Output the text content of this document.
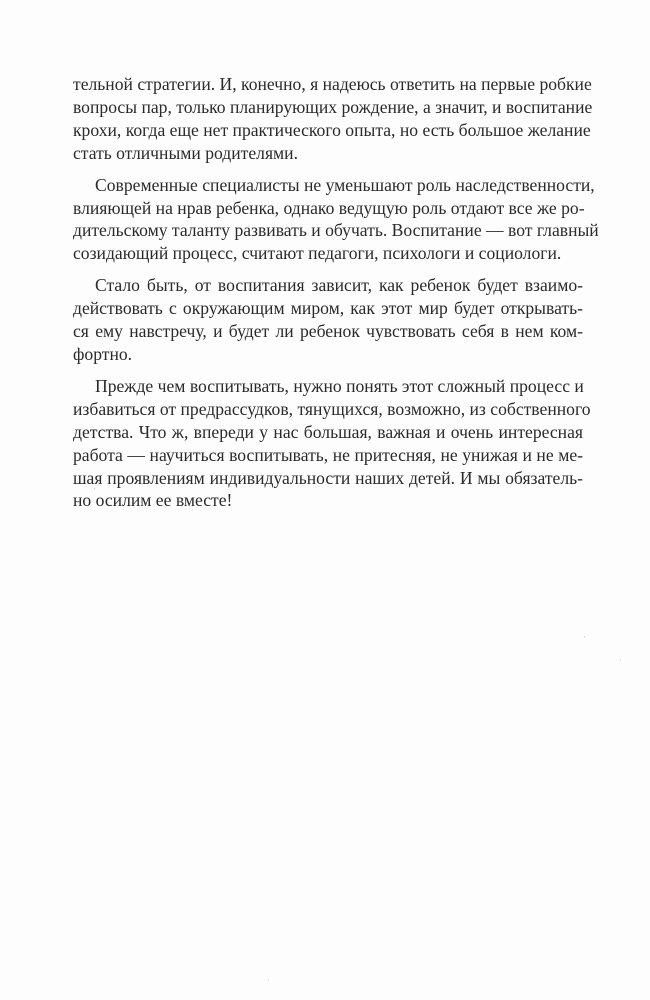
тельной стратегии. И, конечно, я надеюсь ответить на первые робкие
вопросы пар, только планирующих рождение, а значит, и воспитание
крохи, когда еще нет практического опыта, но есть большое желание
стать отличными родителями.

Современные специалисты не уменьшают роль наследственности,
влияющей на нрав ребенка, однако ведущую роль отдают все же ро-
дительскому таланту развивать и обучать. Воспитание — вот главный
созидающий процесс, считают педагоги, психологи и социологи.

Стало быть, от воспитания зависит, как ребенок будет взаимо-
действовать с окружающим миром, как этот мир будет открывать-
ся ему навстречу, и будет ли ребенок чувствовать себя в нем ком-
фортно.

Прежде чем воспитывать, нужно понять этот сложный процесс и
избавиться от предрассудков, тянущихся, возможно, из собственного
детства. Что ж, впереди у нас большая, важная и очень интересная
работа — научиться воспитывать, не притесняя, не унижая и не ме-
шая проявлениям индивидуальности наших детей. И мы обязатель-
но осилим ее вместе!
